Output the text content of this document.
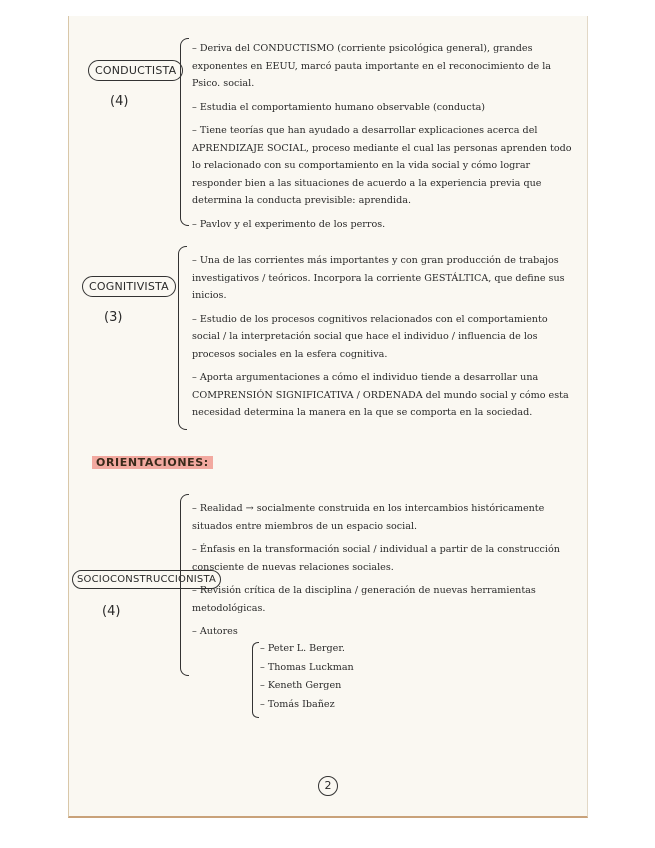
CONDUCTISTA
(4)

– Deriva del CONDUCTISMO (corriente psicológica general), grandes exponentes en EEUU, marcó pauta importante en el reconocimiento de la Psico. social.

– Estudia el comportamiento humano observable (conducta)

– Tiene teorías que han ayudado a desarrollar explicaciones acerca del APRENDIZAJE SOCIAL, proceso mediante el cual las personas aprenden todo lo relacionado con su comportamiento en la vida social y cómo lograr responder bien a las situaciones de acuerdo a la experiencia previa que determina la conducta previsible: aprendida.

– Pavlov y el experimento de los perros.

COGNITIVISTA
(3)

– Una de las corrientes más importantes y con gran producción de trabajos investigativos / teóricos. Incorpora la corriente GESTÁLTICA, que define sus inicios.

– Estudio de los procesos cognitivos relacionados con el comportamiento social / la interpretación social que hace el individuo / influencia de los procesos sociales en la esfera cognitiva.

– Aporta argumentaciones a cómo el individuo tiende a desarrollar una COMPRENSIÓN SIGNIFICATIVA / ORDENADA del mundo social y cómo esta necesidad determina la manera en la que se comporta en la sociedad.

ORIENTACIONES:
SOCIOCONSTRUCCIONISTA
(4)

– Realidad → socialmente construida en los intercambios históricamente situados entre miembros de un espacio social.

– Énfasis en la transformación social / individual a partir de la construcción consciente de nuevas relaciones sociales.

– Revisión crítica de la disciplina / generación de nuevas herramientas metodológicas.

– Autores

– Peter L. Berger.
– Thomas Luckman
– Keneth Gergen
– Tomás Ibañez
2
